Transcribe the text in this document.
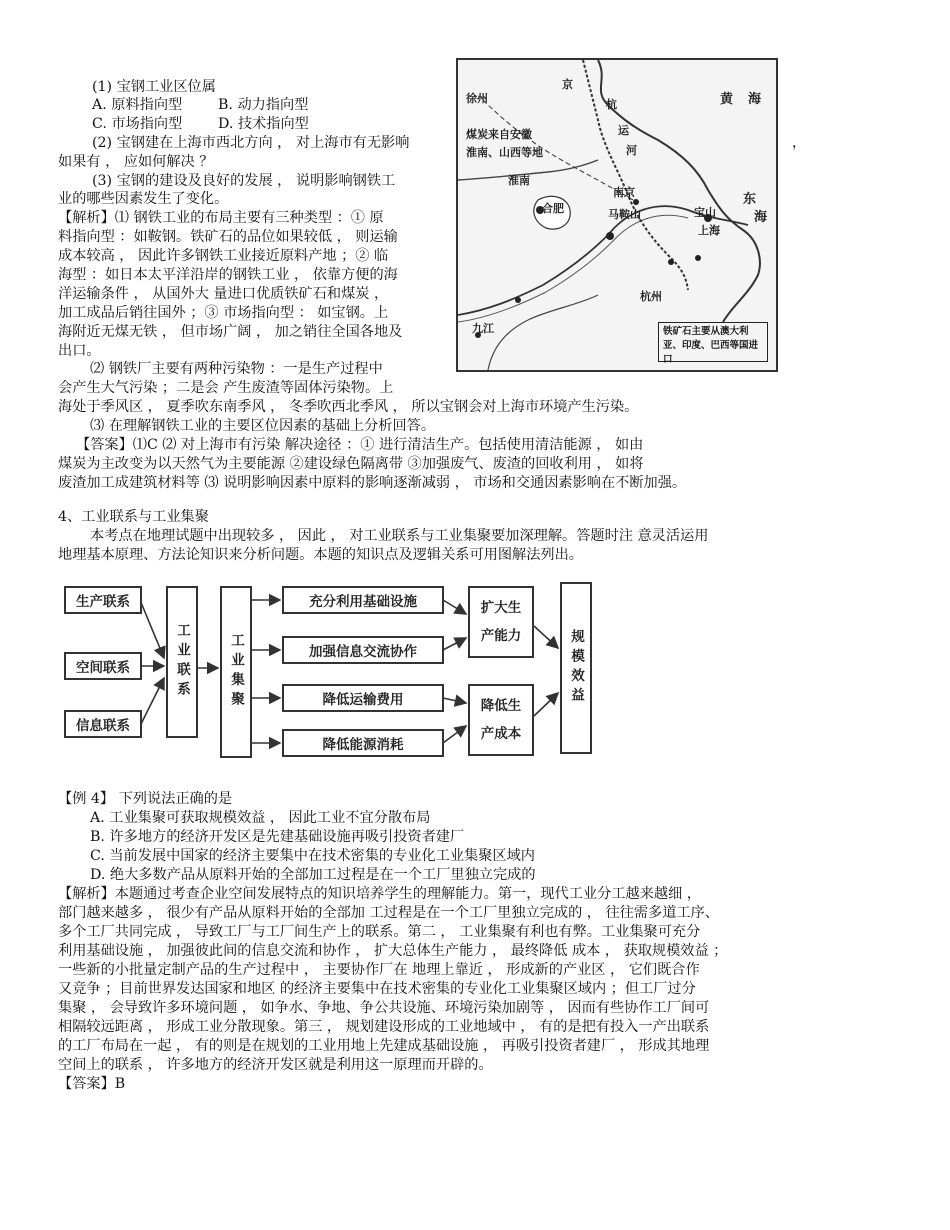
(1) 宝钢工业区位属
A. 原料指向型	B. 动力指向型
C. 市场指向型	D. 技术指向型
(2) 宝钢建在上海市西北方向 ， 对上海市有无影响	，
如果有 ， 应如何解决 ？
(3) 宝钢的建设及良好的发展 ， 说明影响钢铁工
业的哪些因素发生了变化。
【解析】⑴ 钢铁工业的布局主要有三种类型 ：① 原
料指向型 ：如鞍钢。铁矿石的品位如果较低 ， 则运输
成本较高 ， 因此许多钢铁工业接近原料产地 ；② 临
海型 ：如日本太平洋沿岸的钢铁工业 ， 依靠方便的海
洋运输条件 ， 从国外大 量进口优质铁矿石和煤炭 ，
加工成品后销往国外 ；③ 市场指向型 ： 如宝钢。上
海附近无煤无铁 ， 但市场广阔 ， 加之销往全国各地及
出口。
⑵ 钢铁厂主要有两种污染物 ：一是生产过程中
会产生大气污染 ；二是会 产生废渣等固体污染物。上
海处于季风区 ， 夏季吹东南季风 ， 冬季吹西北季风 ， 所以宝钢会对上海市环境产生污染。
⑶ 在理解钢铁工业的主要区位因素的基础上分析回答。
【答案】⑴C ⑵ 对上海市有污染 解决途径 ：① 进行清洁生产。包括使用清洁能源 ， 如由
煤炭为主改变为以天然气为主要能源 ②建设绿色隔离带 ③加强废气、废渣的回收利用 ， 如将
废渣加工成建筑材料等 ⑶ 说明影响因素中原料的影响逐渐减弱 ， 市场和交通因素影响在不断加强。
4、工业联系与工业集聚
本考点在地理试题中出现较多 ， 因此 ， 对工业联系与工业集聚要加深理解。答题时注 意灵活运用
地理基本原理、方法论知识来分析问题。本题的知识点及逻辑关系可用图解法列出。
京
徐州	杭
运
河
黄 海
煤炭来自安徽
淮南、山西等地
淮南
合肥
南京
马鞍山	宝山
上海
东
海
杭州
九江	铁矿石主要从澳大利亚、印度、巴西等国进口
生产联系
空间联系
信息联系
工业联系	工业集聚
充分利用基础设施
加强信息交流协作
降低运输费用
降低能源消耗
扩大生产能力
降低生产成本
规模效益
【例 4】 下列说法正确的是
A. 工业集聚可获取规模效益 ， 因此工业不宜分散布局
B. 许多地方的经济开发区是先建基础设施再吸引投资者建厂
C. 当前发展中国家的经济主要集中在技术密集的专业化工业集聚区域内
D. 绝大多数产品从原料开始的全部加工过程是在一个工厂里独立完成的
【解析】本题通过考查企业空间发展特点的知识培养学生的理解能力。第一，现代工业分工越来越细 ，
部门越来越多 ， 很少有产品从原料开始的全部加 工过程是在一个工厂里独立完成的 ， 往往需多道工序、
多个工厂共同完成 ， 导致工厂与工厂间生产上的联系。第二 ， 工业集聚有利也有弊。工业集聚可充分
利用基础设施 ， 加强彼此间的信息交流和协作 ， 扩大总体生产能力 ， 最终降低 成本 ， 获取规模效益 ；
一些新的小批量定制产品的生产过程中 ， 主要协作厂在 地理上靠近 ， 形成新的产业区 ， 它们既合作
又竞争 ；目前世界发达国家和地区 的经济主要集中在技术密集的专业化工业集聚区域内 ；但工厂过分
集聚 ， 会导致许多环境问题 ， 如争水、争地、争公共设施、环境污染加剧等 ， 因而有些协作工厂间可
相隔较远距离 ， 形成工业分散现象。第三 ， 规划建设形成的工业地域中 ， 有的是把有投入一产出联系
的工厂布局在一起 ， 有的则是在规划的工业用地上先建成基础设施 ， 再吸引投资者建厂 ， 形成其地理
空间上的联系 ， 许多地方的经济开发区就是利用这一原理而开辟的。
【答案】B
